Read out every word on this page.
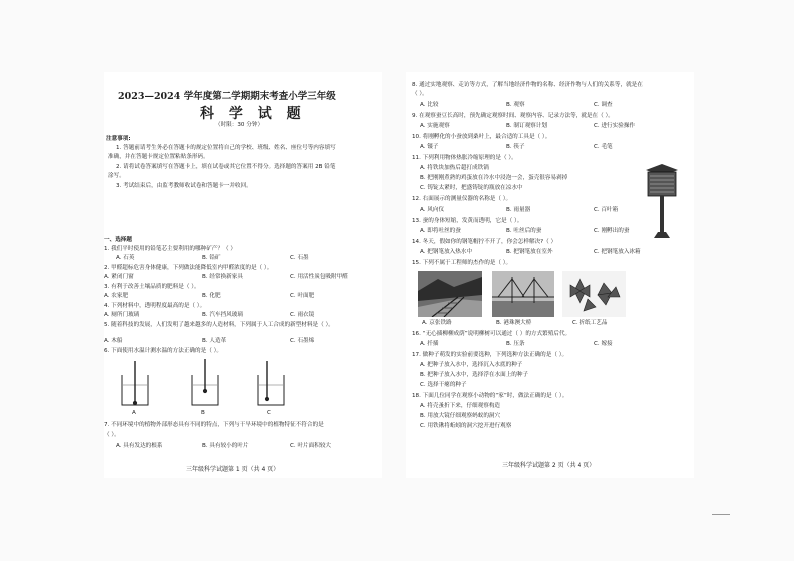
2023—2024 学年度第二学期期末考查小学三年级
科 学 试 题
（时限：30 分钟）
注意事项:
1. 答题前请考生务必在答题卡的规定位置将自己的学校、班级、姓名、座位号等内容填写
准确，并在答题卡规定位置粘贴条形码。
2. 请将试卷答案填写在答题卡上，填在试卷或其它位置不得分。选择题的答案用 2B 铅笔
涂写。
3. 考试结束后，由监考教师收试卷和答题卡一并收回。
一、选择题
1. 我们平时使用的铅笔芯主要利用的哪种矿产？（ ）
A. 石英	B. 铅矿	C. 石墨
2. 甲醛超标危害身体健康，下列做法能降低室内甲醛浓度的是（ ）。
A. 紧闭门窗	B. 经常换新家具	C. 用活性炭包吸附甲醛
3. 有利于改善土壤品质的肥料是（ ）。
A. 农家肥	B. 化肥	C. 叶面肥
4. 下列材料中，透明程度最高的是（ ）。
A. 厕所门玻璃	B. 汽车挡风玻璃	C. 雨衣镜
5. 随着科技的发展，人们发明了越来越多的人造材料，下列属于人工合成的新型材料是（ ）。
A. 木船	B. 人造革	C. 石墨烯
6. 下面使用水温计测水温的方法正确的是（ ）。
A	B	C
7. 不同环境中的植物外部形态具有不同的特点，下列与干旱环境中的植物特征不符合的是
（ ）。
A. 具有发达的根系	B. 具有较小的叶片	C. 叶片面积较大
三年级科学试题第 1 页（共 4 页）
8. 通过实地观察、走访等方式，了解当地经济作物的名称、经济作物与人们的关系等，就是在
（ ）。
A. 比较	B. 观察	C. 调查
9. 在观察蚕豆长高时，预先确定观察时间、观察内容、记录方法等，就是在（ ）。
A. 实施观察	B. 制订观察计划	C. 进行实验操作
10. 将刚孵化的小蚕放到桑叶上，最合适的工具是（ ）。
A. 镊子	B. 筷子	C. 毛笔
11. 下列利用物体热胀冷缩原理的是（ ）。
A. 将铁块加热后超打成铁锅
B. 把刚刚煮熟的鸡蛋放在冷水中浸泡一会，蛋壳很容易剥掉
C. 铸锭太紧时，把盛铸锭的瓶放在凉水中
12. 右面展示的测量仪器的名称是（ ）。
A. 风向仪	B. 雨量器	C. 百叶箱
13. 蚕的身体短缩，发黄而透明，它是（ ）。
A. 即将吐丝的蚕	B. 吐丝后的蚕	C. 刚孵出的蚕
14. 冬天，假如你的钢笔帽拧不开了，你会怎样解决?（ ）
A. 把钢笔放入热水中	B. 把钢笔放在室外	C. 把钢笔放入冰箱
15. 下列不属于工程师的杰作的是（ ）。
A. 京张铁路	B. 港珠澳大桥	C. 折纸工艺品
16. “无心插柳柳成荫”说明柳树可以通过（ ）的方式繁殖后代。
A. 扦插	B. 压条	C. 嫁接
17. 做种子萌发的实验前要选种，下列选种方法正确的是（ ）。
A. 把种子放入水中，选择沉入水底的种子
B. 把种子放入水中，选择浮在水面上的种子
C. 选择干瘪的种子
18. 下面几位同学在观察小动物的“家”时，做法正确的是（ ）。
A. 将壳蚤折下来，仔细观察构造
B. 用放大镜仔细观察蚂蚁的洞穴
C. 用铁锹将蚯蚓的洞穴挖开进行观察
三年级科学试题第 2 页（共 4 页）
